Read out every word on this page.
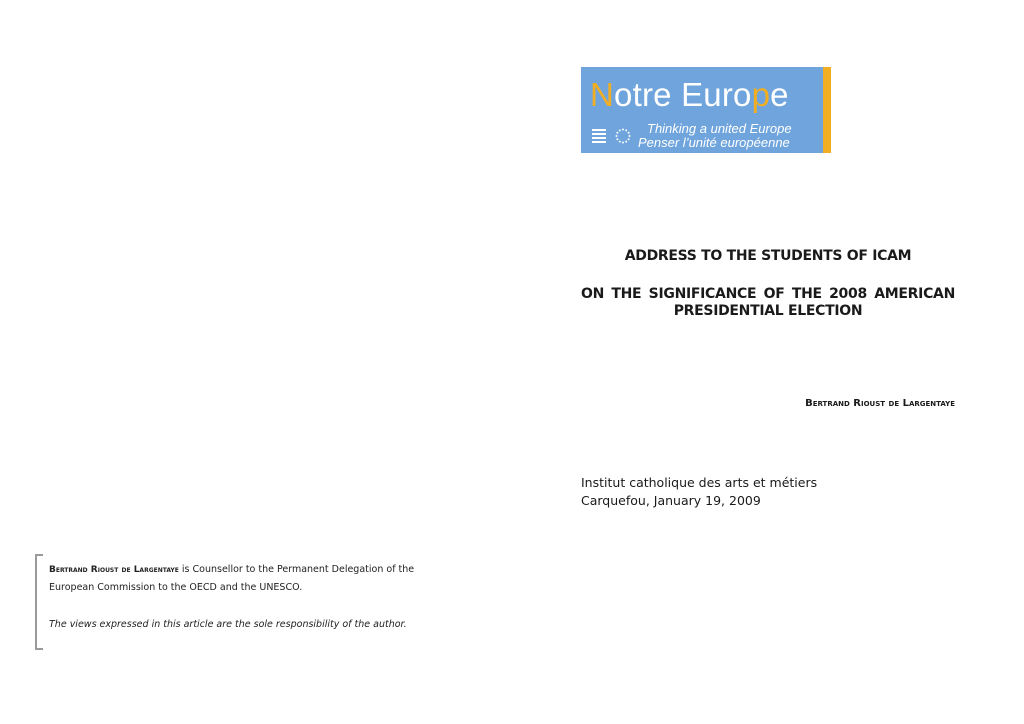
Bertrand Rioust de Largentaye is Counsellor to the Permanent Delegation of the
European Commission to the OECD and the UNESCO.
The views expressed in this article are the sole responsibility of the author.
Notre Europe
Thinking a united Europe
Penser l’unité européenne
ADDRESS TO THE STUDENTS OF ICAM
ON THE SIGNIFICANCE OF THE 2008 AMERICAN PRESIDENTIAL ELECTION
Bertrand Rioust de Largentaye
Institut catholique des arts et métiers
Carquefou, January 19, 2009
